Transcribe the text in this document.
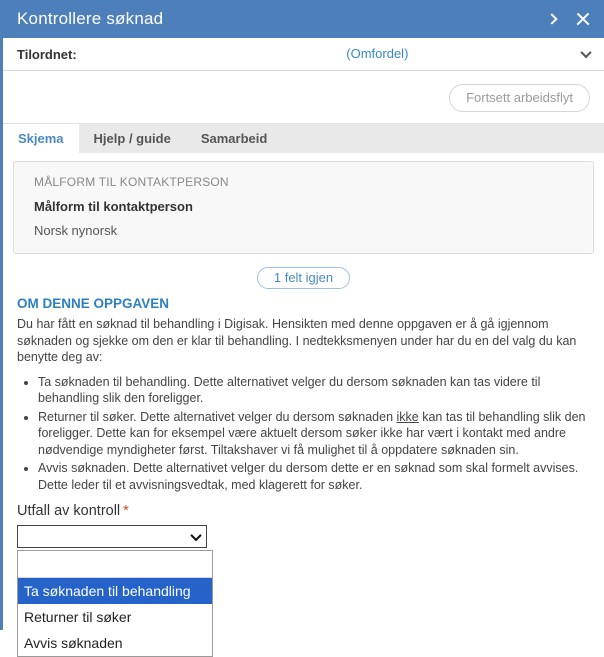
Kontrollere søknad
Tilordnet:	(Omfordel)
Fortsett arbeidsflyt
Skjema	Hjelp / guide	Samarbeid
MÅLFORM TIL KONTAKTPERSON
Målform til kontaktperson
Norsk nynorsk
1 felt igjen
OM DENNE OPPGAVEN
Du har fått en søknad til behandling i Digisak. Hensikten med denne oppgaven er å gå igjennom søknaden og sjekke om den er klar til behandling. I nedtekksmenyen under har du en del valg du kan benytte deg av:
• Ta søknaden til behandling. Dette alternativet velger du dersom søknaden kan tas videre til behandling slik den foreligger.
• Returner til søker. Dette alternativet velger du dersom søknaden ikke kan tas til behandling slik den foreligger. Dette kan for eksempel være aktuelt dersom søker ikke har vært i kontakt med andre nødvendige myndigheter først. Tiltakshaver vi få mulighet til å oppdatere søknaden sin.
• Avvis søknaden. Dette alternativet velger du dersom dette er en søknad som skal formelt avvises. Dette leder til et avvisningsvedtak, med klagerett for søker.
Utfall av kontroll *
Ta søknaden til behandling
Returner til søker
Avvis søknaden
